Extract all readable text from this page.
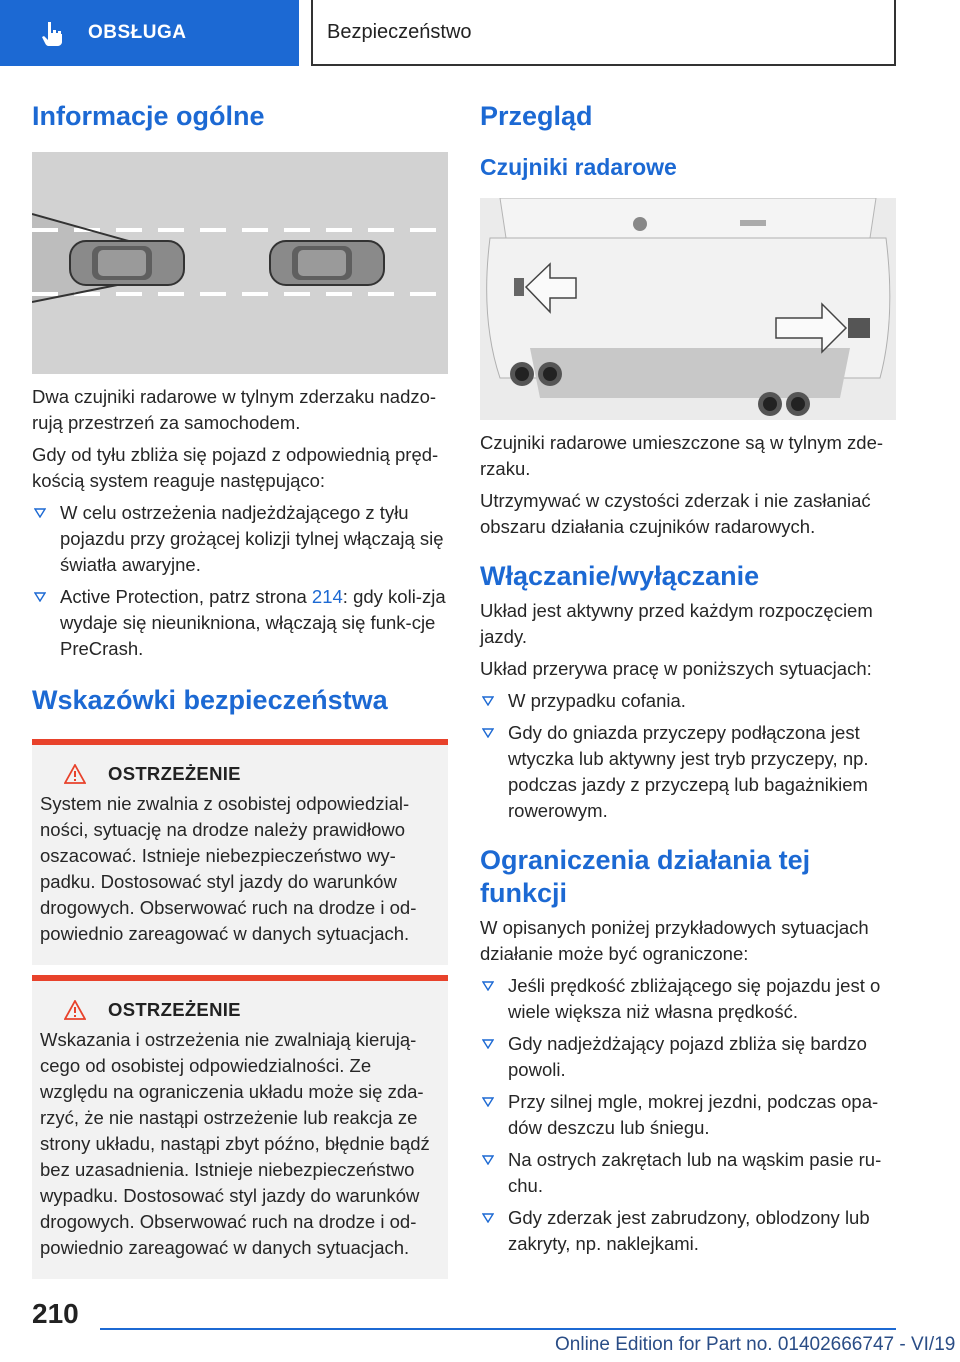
OBSŁUGA	Bezpieczeństwo
Informacje ogólne

Dwa czujniki radarowe w tylnym zderzaku nadzo-rują przestrzeń za samochodem.

Gdy od tyłu zbliża się pojazd z odpowiednią pręd-kością system reaguje następująco:

W celu ostrzeżenia nadjeżdżającego z tyłu pojazdu przy grożącej kolizji tylnej włączają się światła awaryjne.
Active Protection, patrz strona 214: gdy koli-zja wydaje się nieunikniona, włączają się funk-cje PreCrash.
Wskazówki bezpieczeństwa
OSTRZEŻENIE

System nie zwalnia z osobistej odpowiedzial-ności, sytuację na drodze należy prawidłowo oszacować. Istnieje niebezpieczeństwo wy-padku. Dostosować styl jazdy do warunków drogowych. Obserwować ruch na drodze i od-powiednio zareagować w danych sytuacjach.

OSTRZEŻENIE

Wskazania i ostrzeżenia nie zwalniają kierują-cego od osobistej odpowiedzialności. Ze względu na ograniczenia układu może się zda-rzyć, że nie nastąpi ostrzeżenie lub reakcja ze strony układu, nastąpi zbyt późno, błędnie bądź bez uzasadnienia. Istnieje niebezpieczeństwo wypadku. Dostosować styl jazdy do warunków drogowych. Obserwować ruch na drodze i od-powiednio zareagować w danych sytuacjach.

Przegląd
Czujniki radarowe

Czujniki radarowe umieszczone są w tylnym zde-rzaku.

Utrzymywać w czystości zderzak i nie zasłaniać obszaru działania czujników radarowych.

Włączanie/wyłączanie

Układ jest aktywny przed każdym rozpoczęciem jazdy.

Układ przerywa pracę w poniższych sytuacjach:

W przypadku cofania.
Gdy do gniazda przyczepy podłączona jest wtyczka lub aktywny jest tryb przyczepy, np. podczas jazdy z przyczepą lub bagażnikiem rowerowym.
Ograniczenia działania tej funkcji

W opisanych poniżej przykładowych sytuacjach działanie może być ograniczone:

Jeśli prędkość zbliżającego się pojazdu jest o wiele większa niż własna prędkość.
Gdy nadjeżdżający pojazd zbliża się bardzo powoli.
Przy silnej mgle, mokrej jezdni, podczas opa-dów deszczu lub śniegu.
Na ostrych zakrętach lub na wąskim pasie ru-chu.
Gdy zderzak jest zabrudzony, oblodzony lub zakryty, np. naklejkami.
210
Online Edition for Part no. 01402666747 - VI/19
